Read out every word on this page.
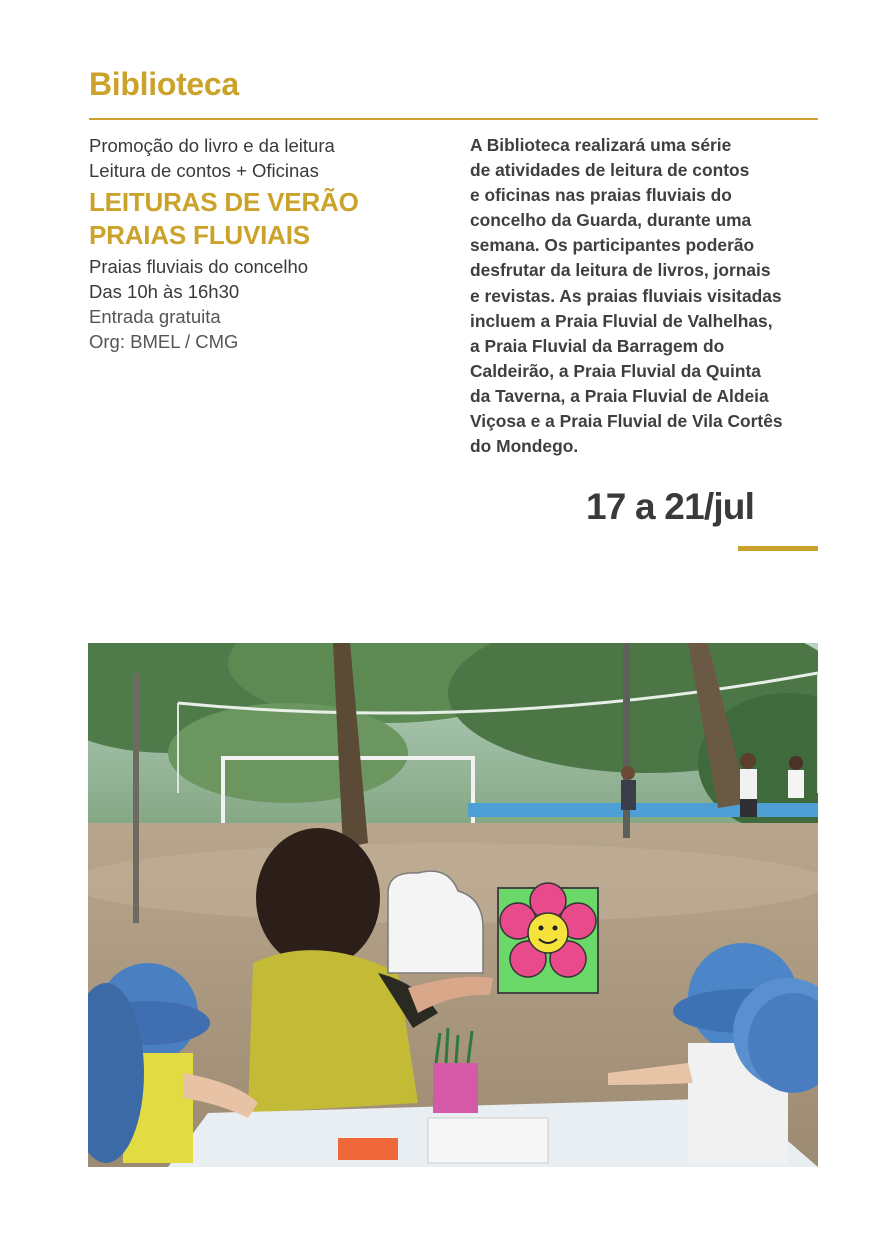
Biblioteca
Promoção do livro e da leitura
Leitura de contos + Oficinas
LEITURAS DE VERÃO
PRAIAS FLUVIAIS
Praias fluviais do concelho
Das 10h às 16h30
Entrada gratuita
Org: BMEL / CMG
A Biblioteca realizará uma série
de atividades de leitura de contos
e oficinas nas praias fluviais do
concelho da Guarda, durante uma
semana. Os participantes poderão
desfrutar da leitura de livros, jornais
e revistas. As praias fluviais visitadas
incluem a Praia Fluvial de Valhelhas,
a Praia Fluvial da Barragem do
Caldeirão, a Praia Fluvial da Quinta
da Taverna, a Praia Fluvial de Aldeia
Viçosa e a Praia Fluvial de Vila Cortês
do Mondego.
17 a 21/jul
